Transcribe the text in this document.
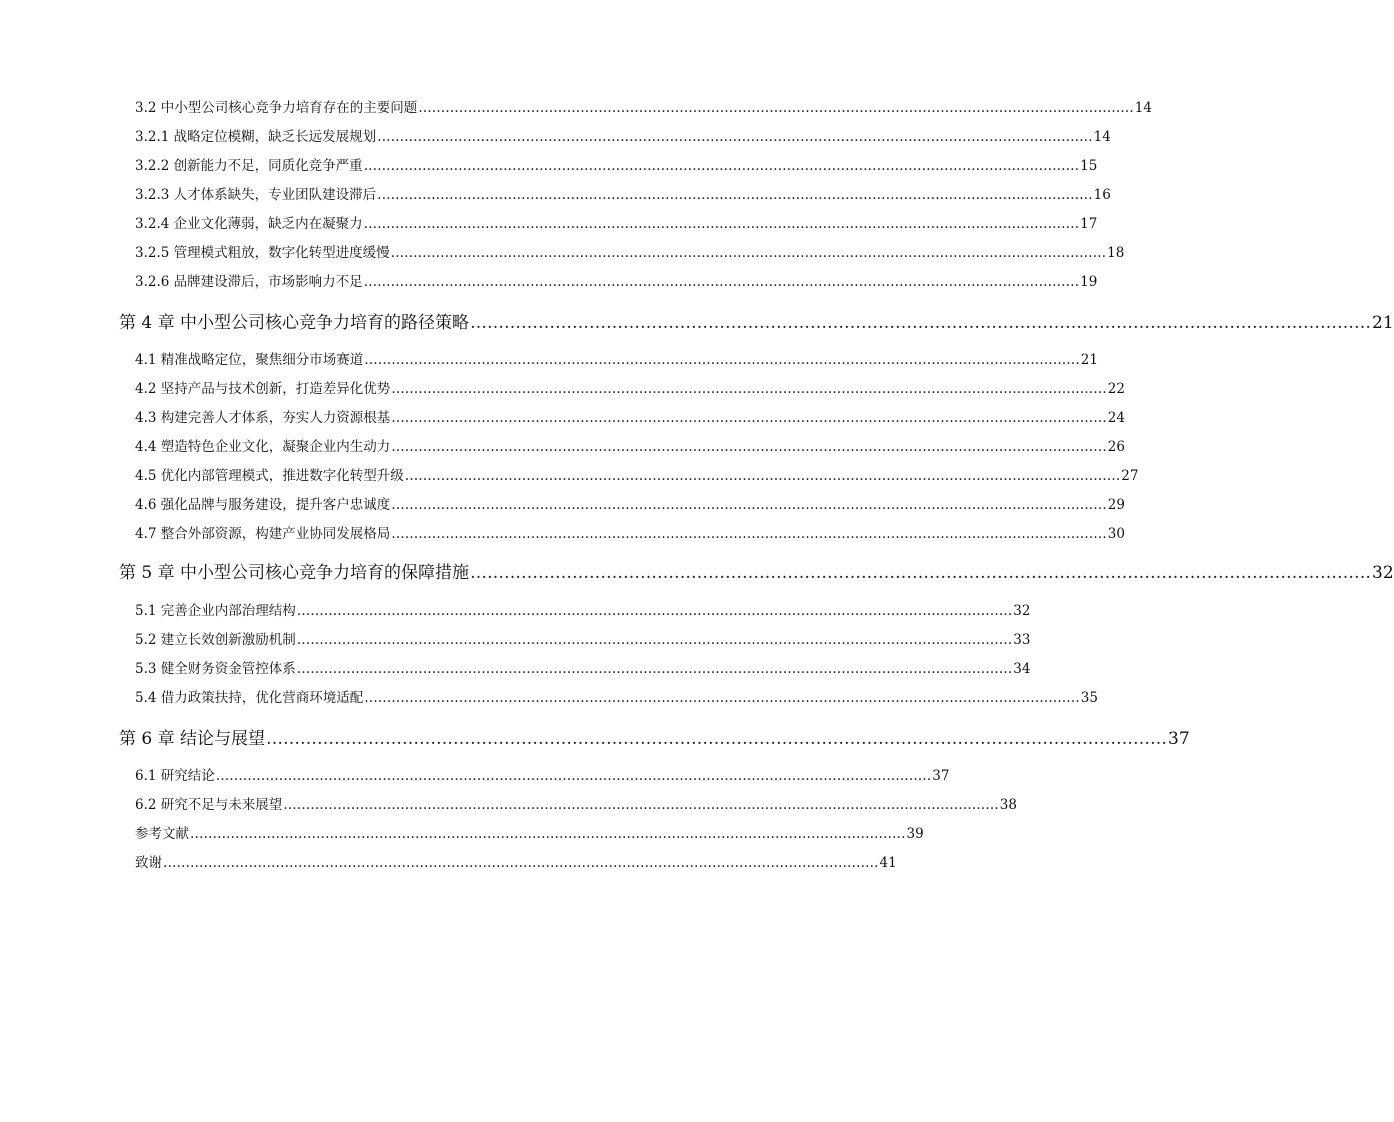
3.2 中小型公司核心竞争力培育存在的主要问题 …………………………………………………………………………………………………………………………………………… 14
3.2.1 战略定位模糊，缺乏长远发展规划 …………………………………………………………………………………………………………………………………………… 14
3.2.2 创新能力不足，同质化竞争严重 …………………………………………………………………………………………………………………………………………… 15
3.2.3 人才体系缺失，专业团队建设滞后 …………………………………………………………………………………………………………………………………………… 16
3.2.4 企业文化薄弱，缺乏内在凝聚力 …………………………………………………………………………………………………………………………………………… 17
3.2.5 管理模式粗放，数字化转型进度缓慢 …………………………………………………………………………………………………………………………………………… 18
3.2.6 品牌建设滞后，市场影响力不足 …………………………………………………………………………………………………………………………………………… 19
第 4 章 中小型公司核心竞争力培育的路径策略 …………………………………………………………………………………………………………………………………………… 21
4.1 精准战略定位，聚焦细分市场赛道 …………………………………………………………………………………………………………………………………………… 21
4.2 坚持产品与技术创新，打造差异化优势 …………………………………………………………………………………………………………………………………………… 22
4.3 构建完善人才体系，夯实人力资源根基 …………………………………………………………………………………………………………………………………………… 24
4.4 塑造特色企业文化，凝聚企业内生动力 …………………………………………………………………………………………………………………………………………… 26
4.5 优化内部管理模式，推进数字化转型升级 …………………………………………………………………………………………………………………………………………… 27
4.6 强化品牌与服务建设，提升客户忠诚度 …………………………………………………………………………………………………………………………………………… 29
4.7 整合外部资源，构建产业协同发展格局 …………………………………………………………………………………………………………………………………………… 30
第 5 章 中小型公司核心竞争力培育的保障措施 …………………………………………………………………………………………………………………………………………… 32
5.1 完善企业内部治理结构 …………………………………………………………………………………………………………………………………………… 32
5.2 建立长效创新激励机制 …………………………………………………………………………………………………………………………………………… 33
5.3 健全财务资金管控体系 …………………………………………………………………………………………………………………………………………… 34
5.4 借力政策扶持，优化营商环境适配 …………………………………………………………………………………………………………………………………………… 35
第 6 章 结论与展望 …………………………………………………………………………………………………………………………………………… 37
6.1 研究结论 …………………………………………………………………………………………………………………………………………… 37
6.2 研究不足与未来展望 …………………………………………………………………………………………………………………………………………… 38
参考文献 …………………………………………………………………………………………………………………………………………… 39
致谢 …………………………………………………………………………………………………………………………………………… 41
